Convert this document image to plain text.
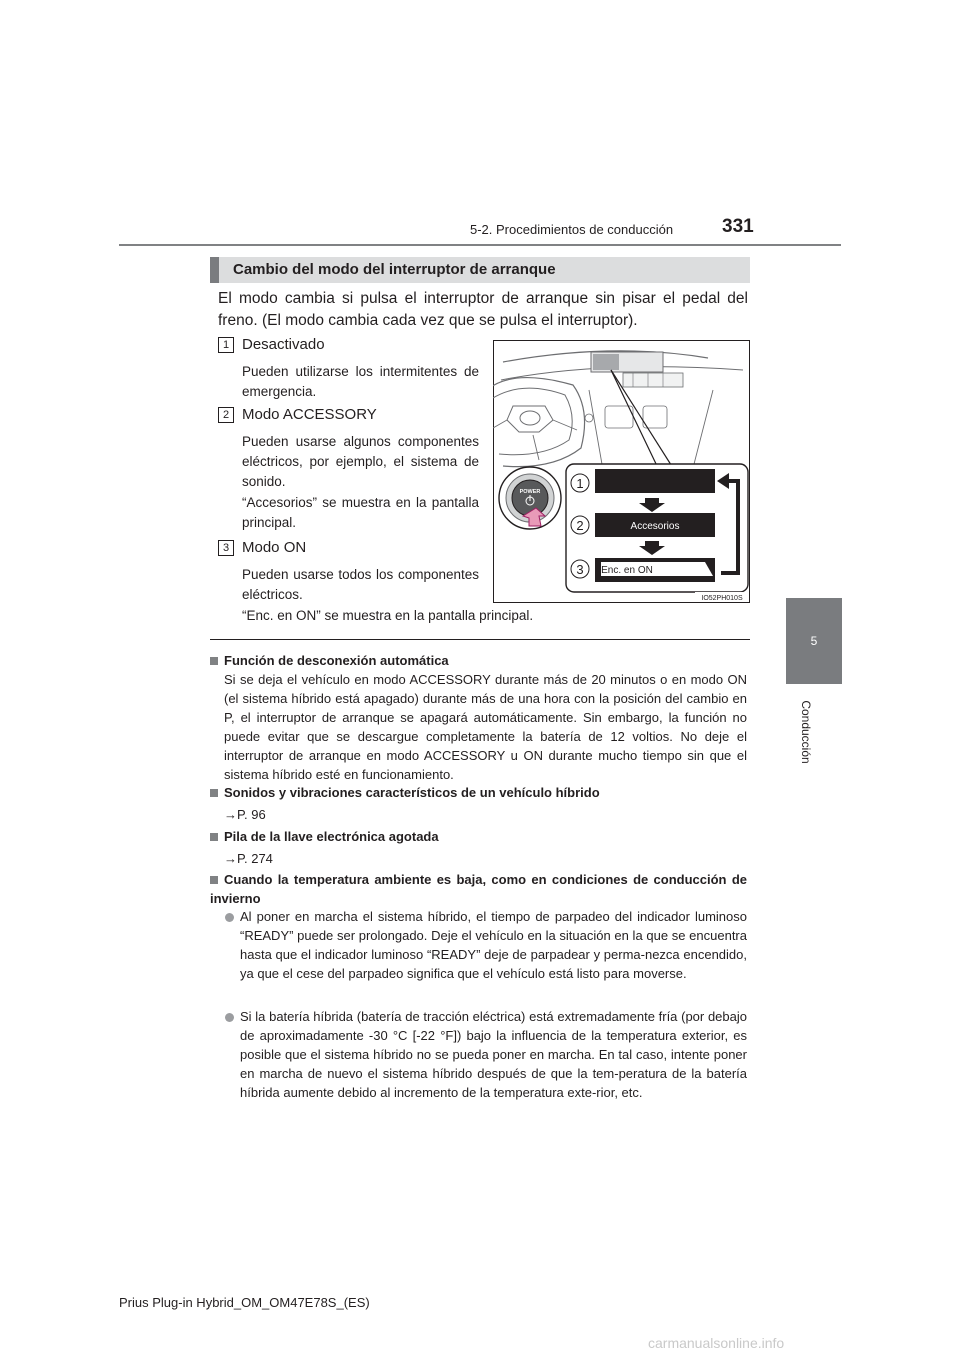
5-2. Procedimientos de conducción	331
5
Conducción
Cambio del modo del interruptor de arranque
El modo cambia si pulsa el interruptor de arranque sin pisar el pedal del freno. (El modo cambia cada vez que se pulsa el interruptor).
1 Desactivado
Pueden utilizarse los intermitentes de emergencia.
2 Modo ACCESSORY
Pueden usarse algunos componentes eléctricos, por ejemplo, el sistema de sonido.
“Accesorios” se muestra en la pantalla principal.
3 Modo ON
Pueden usarse todos los componentes eléctricos.
“Enc. en ON” se muestra en la pantalla principal.
POWER
1
2	Accesorios
3 Enc. en ON
IO52PH010S
Función de desconexión automática
Si se deja el vehículo en modo ACCESSORY durante más de 20 minutos o en modo ON (el sistema híbrido está apagado) durante más de una hora con la posición del cambio en P, el interruptor de arranque se apagará automáticamente. Sin embargo, la función no puede evitar que se descargue completamente la batería de 12 voltios. No deje el interruptor de arranque en modo ACCESSORY u ON durante mucho tiempo sin que el sistema híbrido esté en funcionamiento.
Sonidos y vibraciones característicos de un vehículo híbrido
→P. 96
Pila de la llave electrónica agotada
→P. 274
Cuando la temperatura ambiente es baja, como en condiciones de conducción de invierno
Al poner en marcha el sistema híbrido, el tiempo de parpadeo del indicador luminoso “READY” puede ser prolongado. Deje el vehículo en la situación en la que se encuentra hasta que el indicador luminoso “READY” deje de parpadear y perma-nezca encendido, ya que el cese del parpadeo significa que el vehículo está listo para moverse.
Si la batería híbrida (batería de tracción eléctrica) está extremadamente fría (por debajo de aproximadamente -30 °C [-22 °F]) bajo la influencia de la temperatura exterior, es posible que el sistema híbrido no se pueda poner en marcha. En tal caso, intente poner en marcha de nuevo el sistema híbrido después de que la tem-peratura de la batería híbrida aumente debido al incremento de la temperatura exte-rior, etc.
Prius Plug-in Hybrid_OM_OM47E78S_(ES)
carmanualsonline.info
